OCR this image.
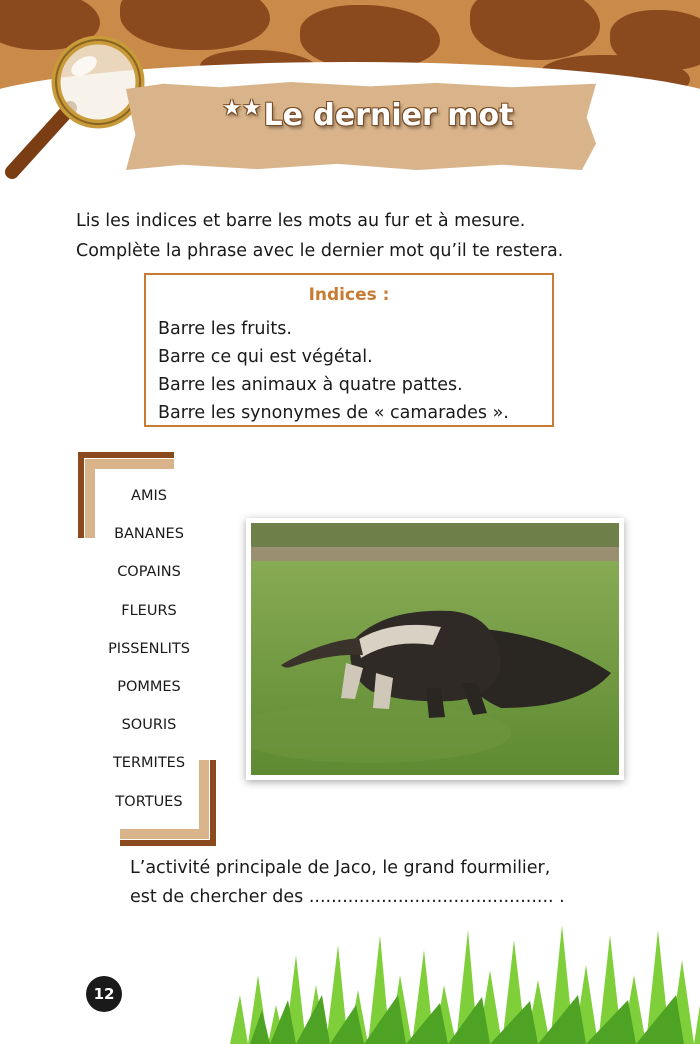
★★Le dernier mot
Lis les indices et barre les mots au fur et à mesure.
Complète la phrase avec le dernier mot qu’il te restera.
Indices :
Barre les fruits.
Barre ce qui est végétal.
Barre les animaux à quatre pattes.
Barre les synonymes de « camarades ».
AMIS
BANANES
COPAINS
FLEURS
PISSENLITS
POMMES
SOURIS
TERMITES
TORTUES
L’activité principale de Jaco, le grand fourmilier,
est de chercher des ............................................ .
12
